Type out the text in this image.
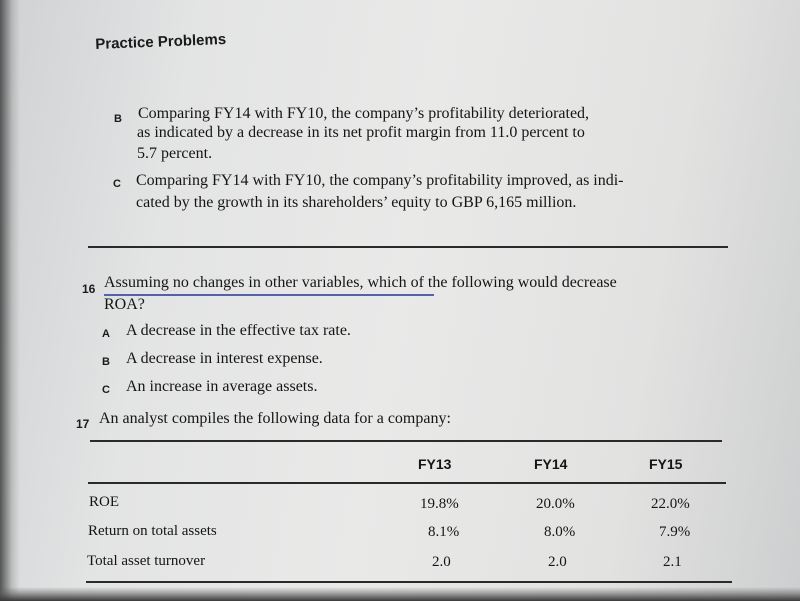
Practice Problems
B Comparing FY14 with FY10, the company’s profitability deteriorated,
as indicated by a decrease in its net profit margin from 11.0 percent to
5.7 percent.
C Comparing FY14 with FY10, the company’s profitability improved, as indi-
cated by the growth in its shareholders’ equity to GBP 6,165 million.
16 Assuming no changes in other variables, which of the following would decrease
ROA?
A A decrease in the effective tax rate.
B A decrease in interest expense.
C An increase in average assets.
17 An analyst compiles the following data for a company:
FY13	FY14	FY15
ROE	19.8%	20.0%	22.0%
Return on total assets	8.1%	8.0%	7.9%
Total asset turnover	2.0	2.0	2.1
